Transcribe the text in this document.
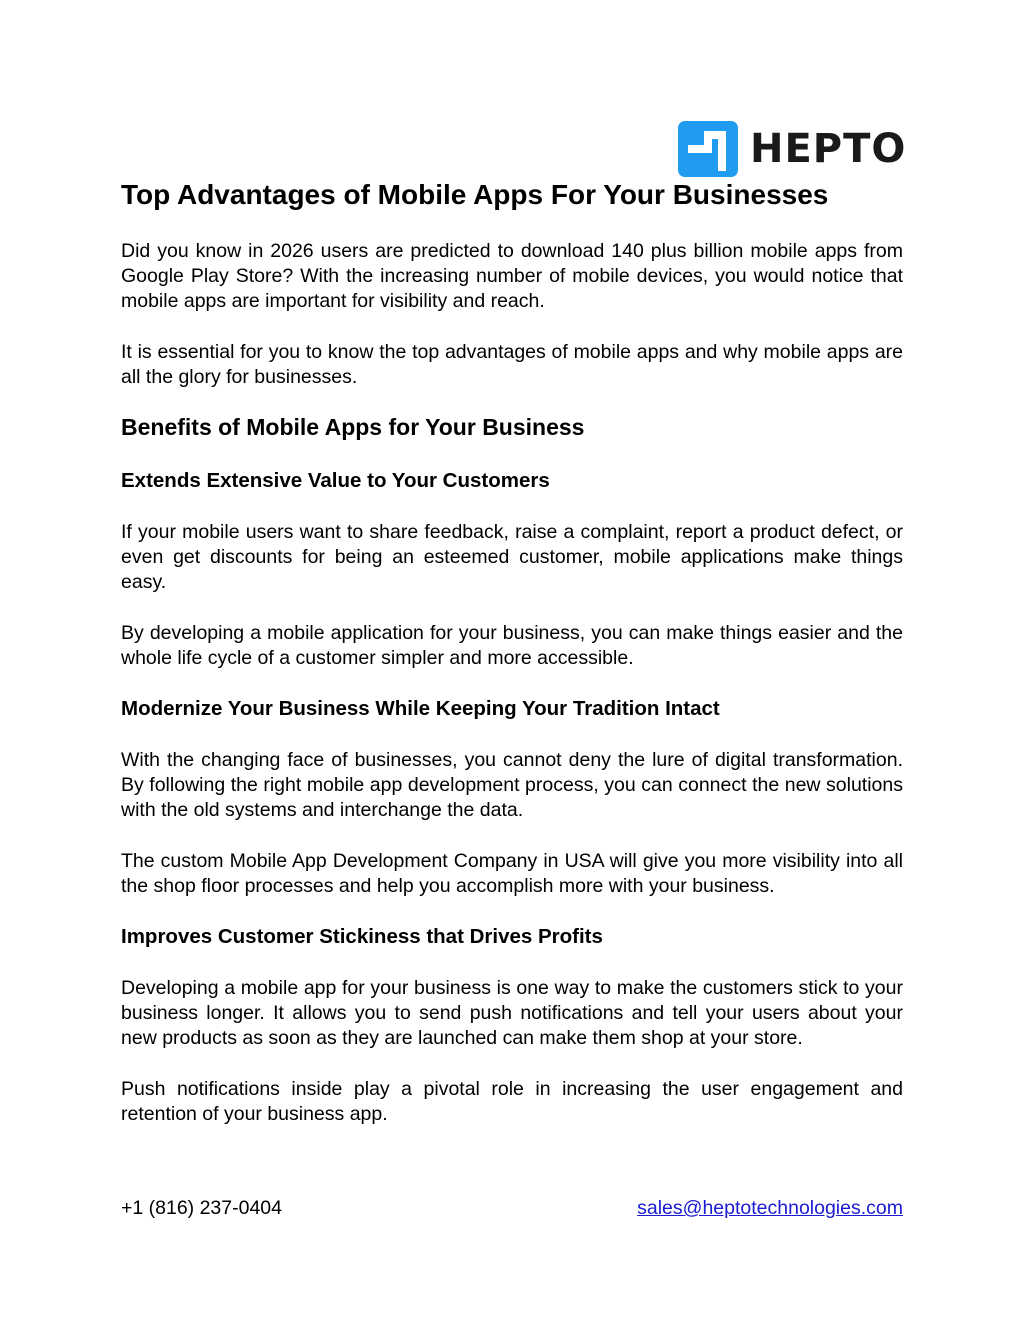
HEPTO
Top Advantages of Mobile Apps For Your Businesses

Did you know in 2026 users are predicted to download 140 plus billion mobile apps from Google Play Store? With the increasing number of mobile devices, you would notice that mobile apps are important for visibility and reach.

It is essential for you to know the top advantages of mobile apps and why mobile apps are all the glory for businesses.

Benefits of Mobile Apps for Your Business
Extends Extensive Value to Your Customers

If your mobile users want to share feedback, raise a complaint, report a product defect, or even get discounts for being an esteemed customer, mobile applications make things easy.

By developing a mobile application for your business, you can make things easier and the whole life cycle of a customer simpler and more accessible.

Modernize Your Business While Keeping Your Tradition Intact

With the changing face of businesses, you cannot deny the lure of digital transformation. By following the right mobile app development process, you can connect the new solutions with the old systems and interchange the data.

The custom Mobile App Development Company in USA will give you more visibility into all the shop floor processes and help you accomplish more with your business.

Improves Customer Stickiness that Drives Profits

Developing a mobile app for your business is one way to make the customers stick to your business longer. It allows you to send push notifications and tell your users about your new products as soon as they are launched can make them shop at your store.

Push notifications inside play a pivotal role in increasing the user engagement and retention of your business app.

+1 (816) 237-0404	sales@heptotechnologies.com
